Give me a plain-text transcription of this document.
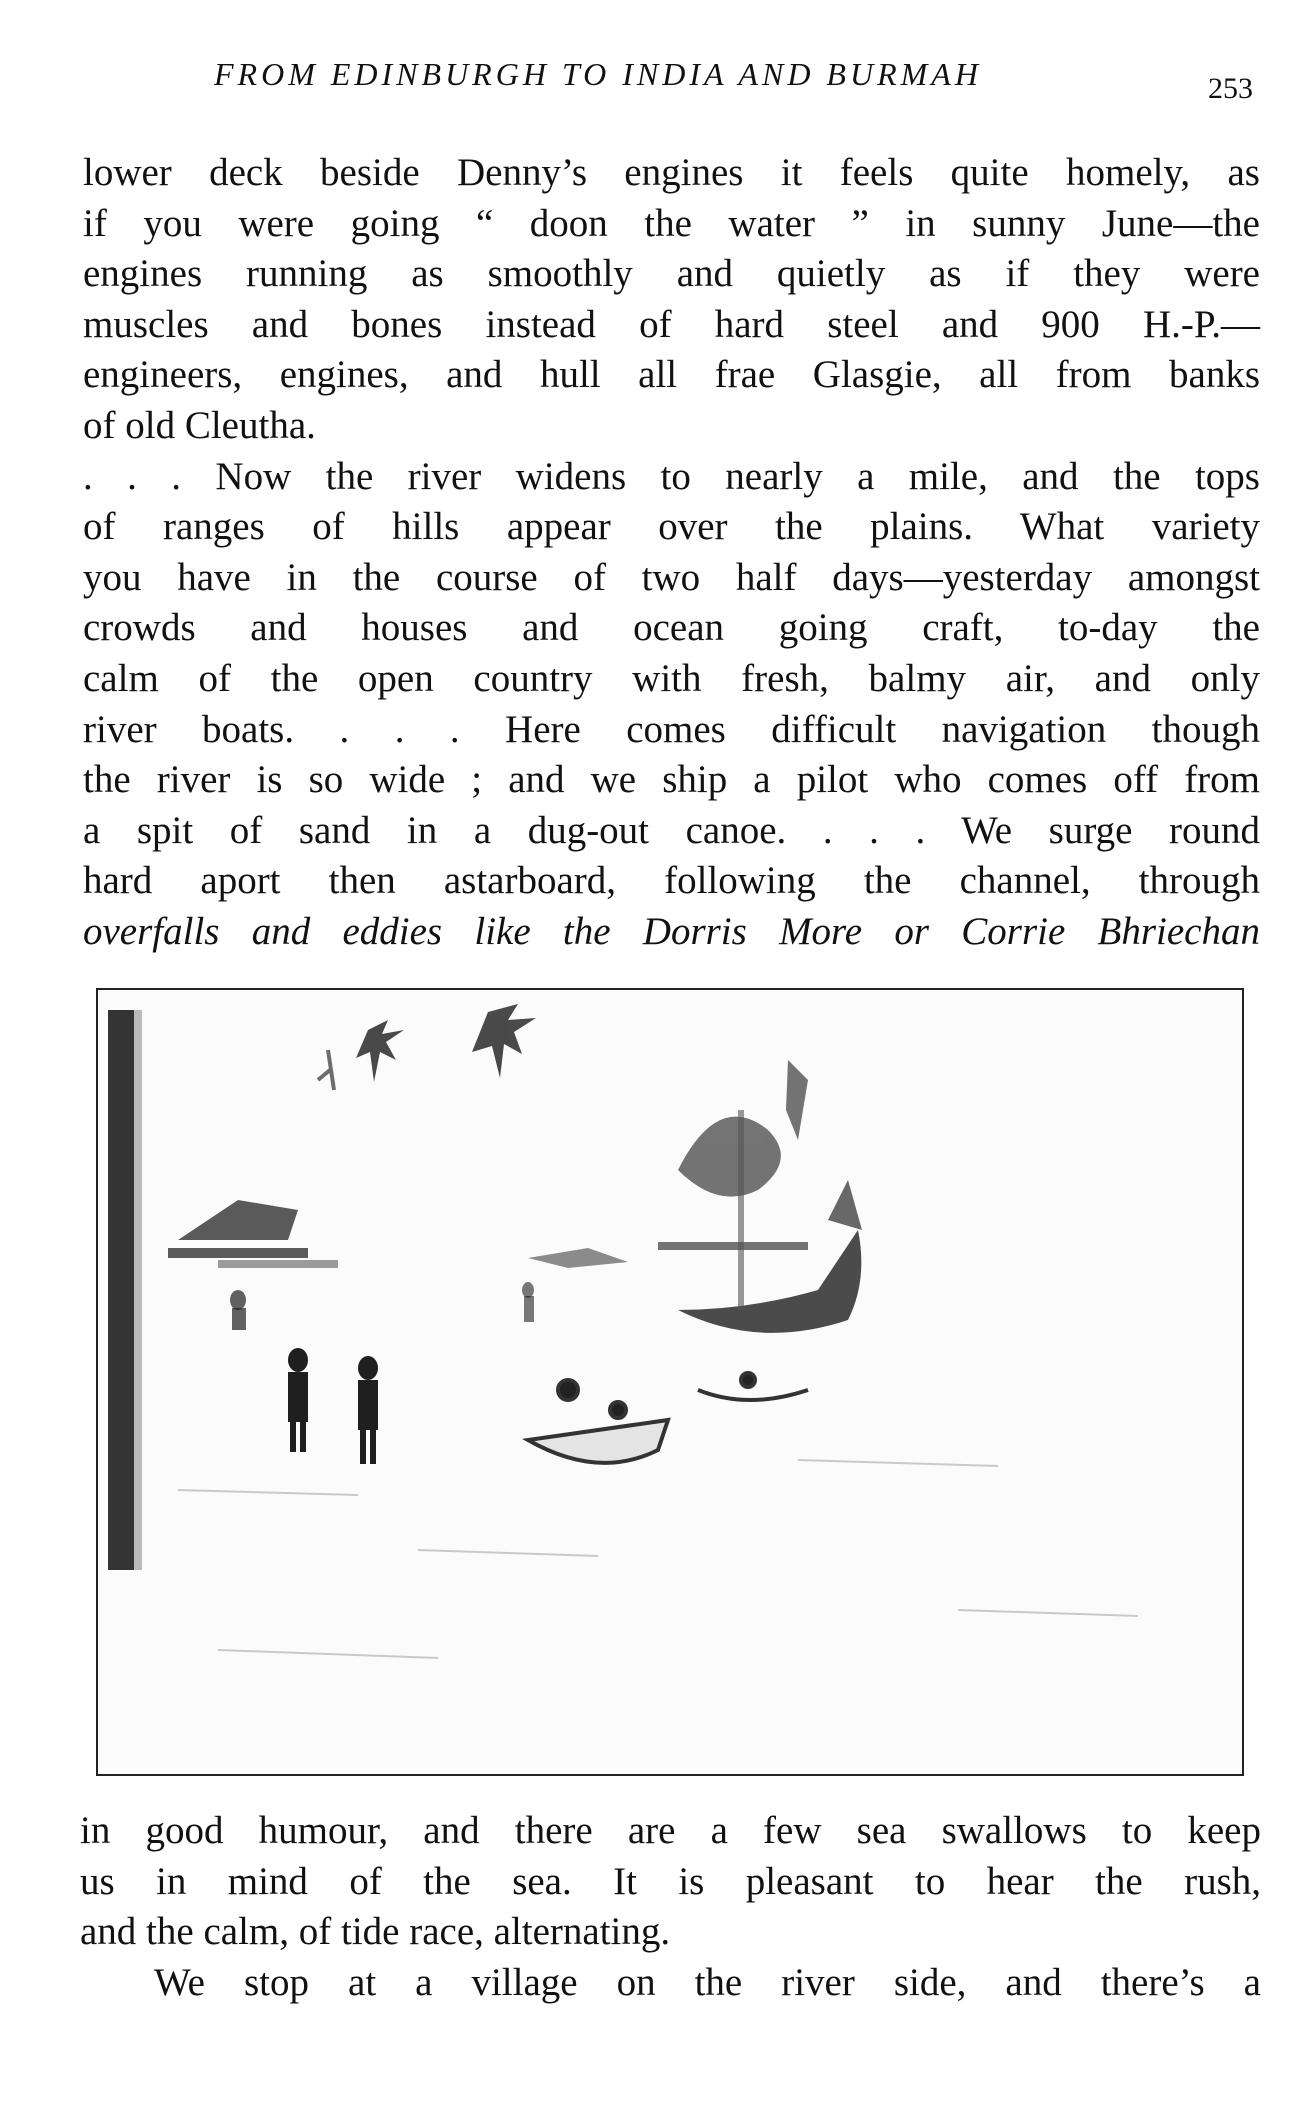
FROM EDINBURGH TO INDIA AND BURMAH	253
lower deck beside Denny’s engines it feels quite homely, as
if you were going “ doon the water ” in sunny June—the
engines running as smoothly and quietly as if they were
muscles and bones instead of hard steel and 900 H.-P.—
engineers, engines, and hull all frae Glasgie, all from banks
of old Cleutha.
. . . Now the river widens to nearly a mile, and the tops
of ranges of hills appear over the plains. What variety
you have in the course of two half days—yesterday amongst
crowds and houses and ocean going craft, to-day the
calm of the open country with fresh, balmy air, and only
river boats. . . . Here comes difficult navigation though
the river is so wide ; and we ship a pilot who comes off from
a spit of sand in a dug-out canoe. . . . We surge round
hard aport then astarboard, following the channel, through
overfalls and eddies like the Dorris More or Corrie Bhriechan
in good humour, and there are a few sea swallows to keep
us in mind of the sea. It is pleasant to hear the rush,
and the calm, of tide race, alternating.
We stop at a village on the river side, and there’s a
